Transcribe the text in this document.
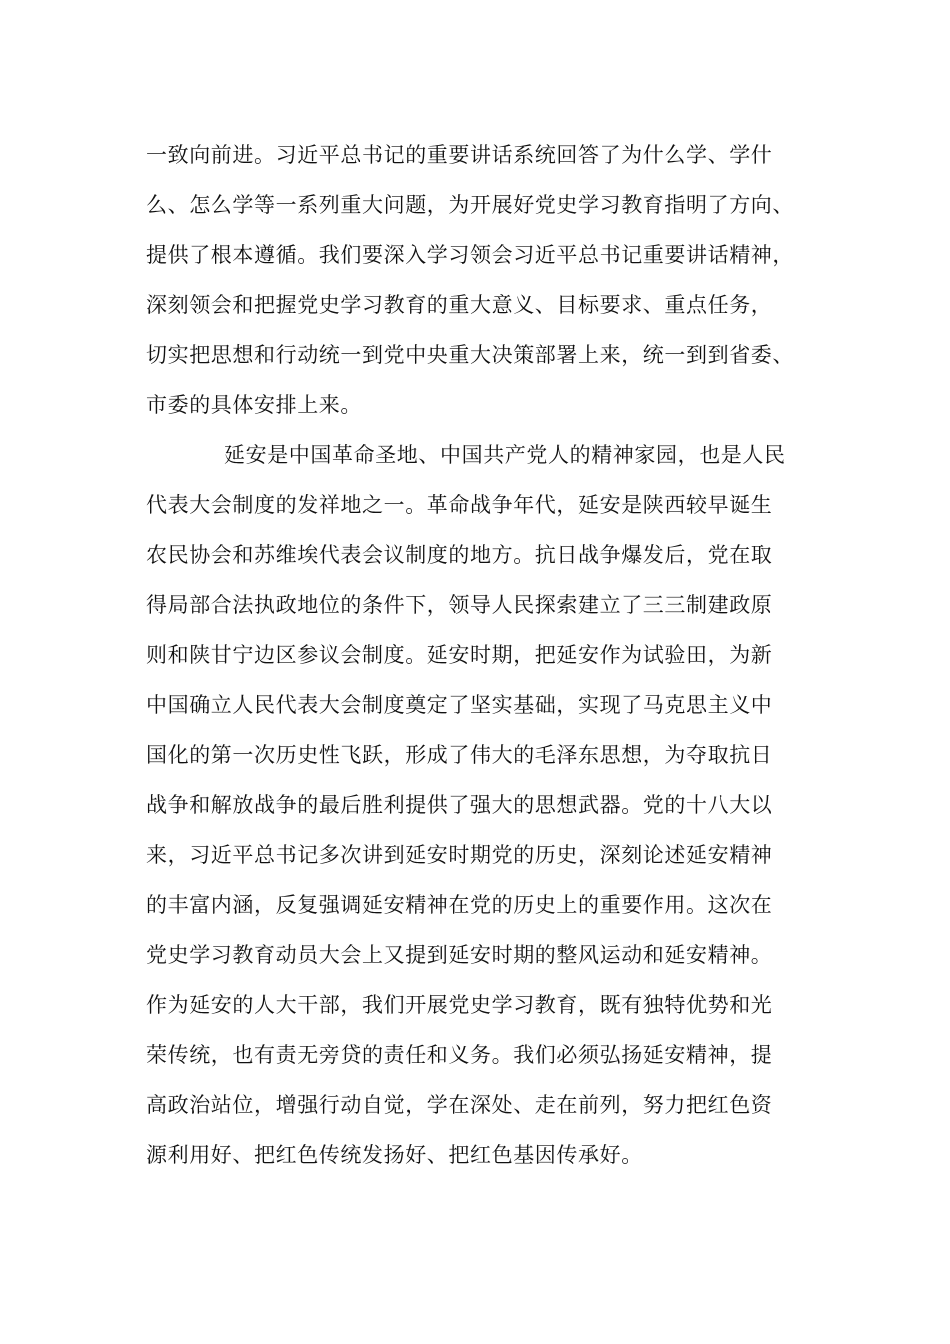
一致向前进。习近平总书记的重要讲话系统回答了为什么学、学什
么、怎么学等一系列重大问题，为开展好党史学习教育指明了方向、
提供了根本遵循。我们要深入学习领会习近平总书记重要讲话精神，
深刻领会和把握党史学习教育的重大意义、目标要求、重点任务，
切实把思想和行动统一到党中央重大决策部署上来，统一到到省委、
市委的具体安排上来。
延安是中国革命圣地、中国共产党人的精神家园，也是人民
代表大会制度的发祥地之一。革命战争年代，延安是陕西较早诞生
农民协会和苏维埃代表会议制度的地方。抗日战争爆发后，党在取
得局部合法执政地位的条件下，领导人民探索建立了三三制建政原
则和陕甘宁边区参议会制度。延安时期，把延安作为试验田，为新
中国确立人民代表大会制度奠定了坚实基础，实现了马克思主义中
国化的第一次历史性飞跃，形成了伟大的毛泽东思想，为夺取抗日
战争和解放战争的最后胜利提供了强大的思想武器。党的十八大以
来，习近平总书记多次讲到延安时期党的历史，深刻论述延安精神
的丰富内涵，反复强调延安精神在党的历史上的重要作用。这次在
党史学习教育动员大会上又提到延安时期的整风运动和延安精神。
作为延安的人大干部，我们开展党史学习教育，既有独特优势和光
荣传统，也有责无旁贷的责任和义务。我们必须弘扬延安精神，提
高政治站位，增强行动自觉，学在深处、走在前列，努力把红色资
源利用好、把红色传统发扬好、把红色基因传承好。
